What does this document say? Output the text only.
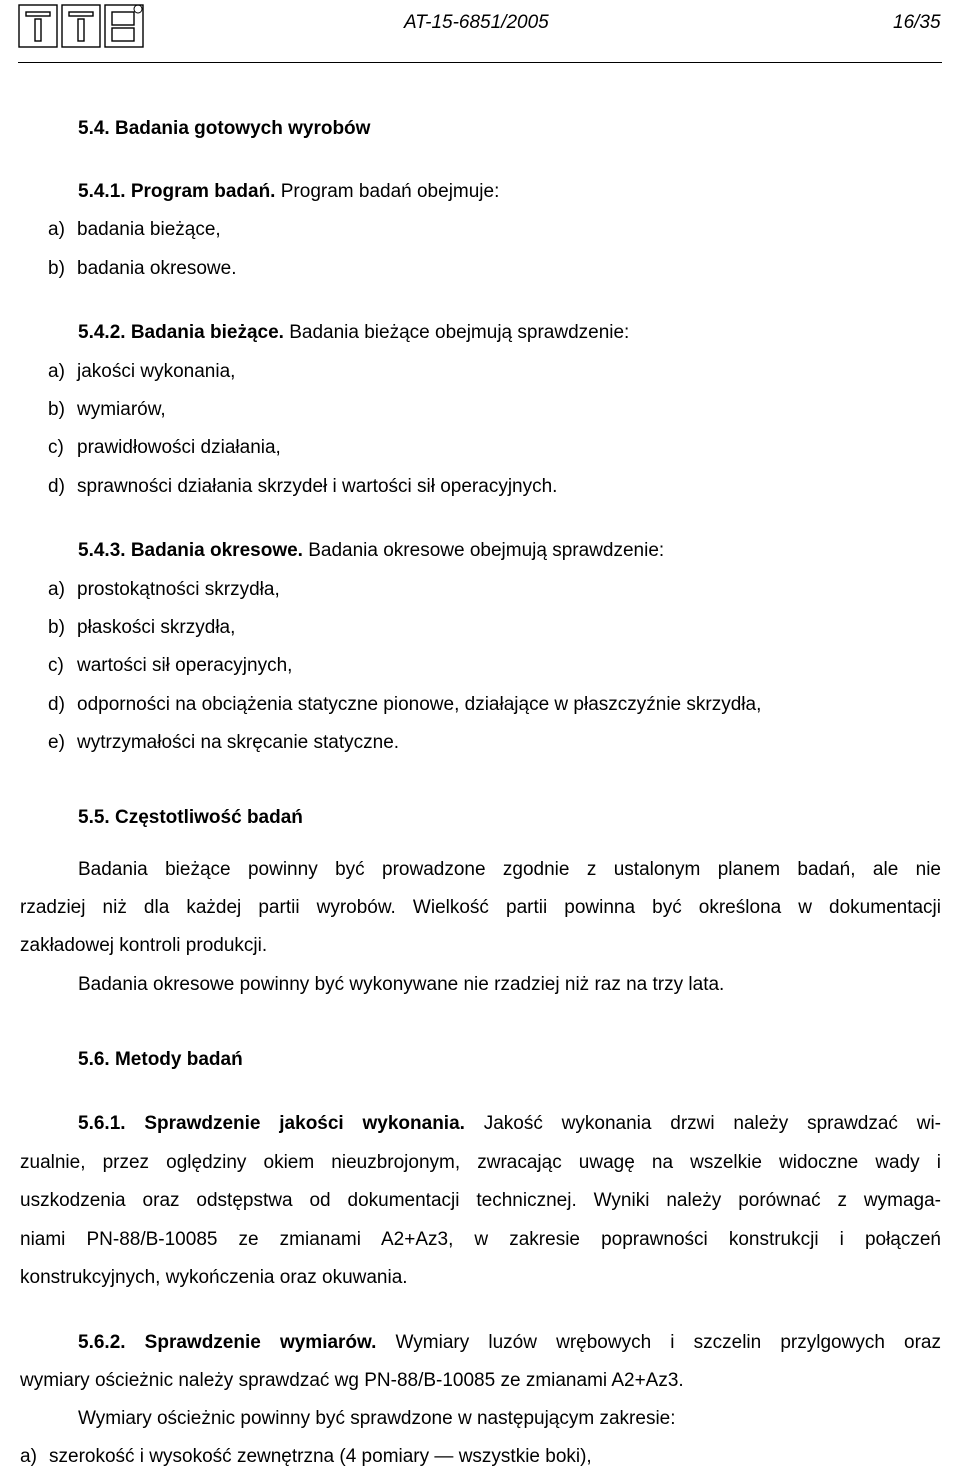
AT-15-6851/2005	16/35
5.4. Badania gotowych wyrobów
5.4.1. Program badań. Program badań obejmuje:
a) badania bieżące,
b) badania okresowe.
5.4.2. Badania bieżące. Badania bieżące obejmują sprawdzenie:
a) jakości wykonania,
b) wymiarów,
c) prawidłowości działania,
d) sprawności działania skrzydeł i wartości sił operacyjnych.
5.4.3. Badania okresowe. Badania okresowe obejmują sprawdzenie:
a) prostokątności skrzydła,
b) płaskości skrzydła,
c) wartości sił operacyjnych,
d) odporności na obciążenia statyczne pionowe, działające w płaszczyźnie skrzydła,
e) wytrzymałości na skręcanie statyczne.
5.5. Częstotliwość badań
Badania bieżące powinny być prowadzone zgodnie z ustalonym planem badań, ale nie
rzadziej niż dla każdej partii wyrobów. Wielkość partii powinna być określona w dokumentacji
zakładowej kontroli produkcji.
Badania okresowe powinny być wykonywane nie rzadziej niż raz na trzy lata.
5.6. Metody badań
5.6.1. Sprawdzenie jakości wykonania. Jakość wykonania drzwi należy sprawdzać wi-
zualnie, przez oględziny okiem nieuzbrojonym, zwracając uwagę na wszelkie widoczne wady i
uszkodzenia oraz odstępstwa od dokumentacji technicznej. Wyniki należy porównać z wymaga-
niami PN-88/B-10085 ze zmianami A2+Az3, w zakresie poprawności konstrukcji i połączeń
konstrukcyjnych, wykończenia oraz okuwania.
5.6.2. Sprawdzenie wymiarów. Wymiary luzów wrębowych i szczelin przylgowych oraz
wymiary ościeżnic należy sprawdzać wg PN-88/B-10085 ze zmianami A2+Az3.
Wymiary ościeżnic powinny być sprawdzone w następującym zakresie:
a) szerokość i wysokość zewnętrzna (4 pomiary — wszystkie boki),
